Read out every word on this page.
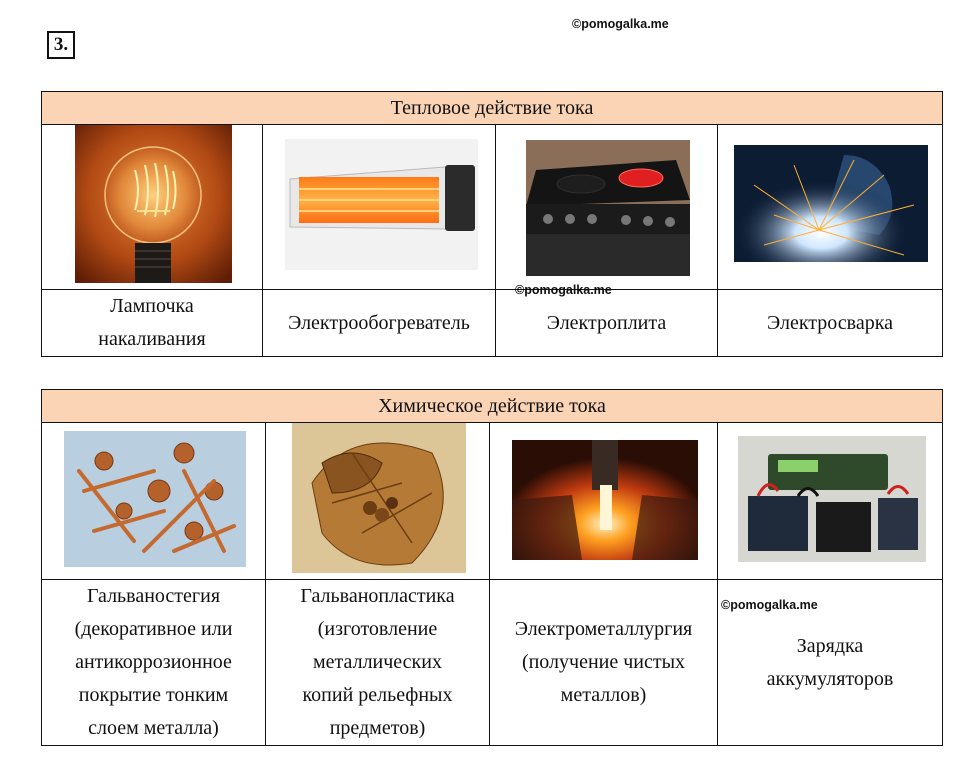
3.
©pomogalka.me
Тепловое действие тока			

Лампочка
накаливания	Электрообогреватель	Электроплита	Электросварка
©pomogalka.me
Химическое действие тока			

Гальваностегия
(декоративное или
антикоррозионное
покрытие тонким
слоем металла)	Гальванопластика
(изготовление
металлических
копий рельефных
предметов)	Электрометаллургия
(получение чистых
металлов)	Зарядка
аккумуляторов
©pomogalka.me
